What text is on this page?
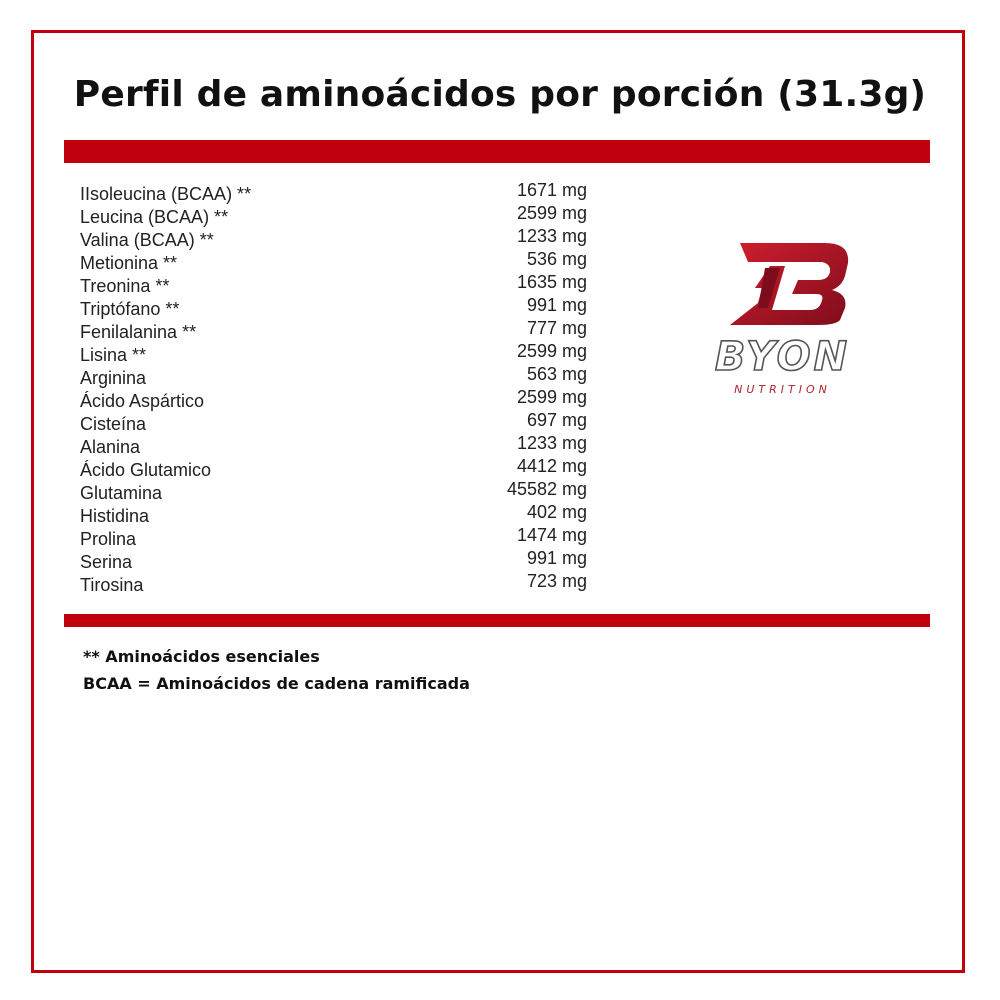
Perfil de aminoácidos por porción (31.3g)
IIsoleucina (BCAA) **	1671 mg
Leucina (BCAA) **	2599 mg
Valina (BCAA) **	1233 mg
Metionina **	536 mg
Treonina **	1635 mg
Triptófano **	991 mg
Fenilalanina **	777 mg
Lisina **	2599 mg
Arginina	563 mg
Ácido Aspártico	2599 mg
Cisteína	697 mg
Alanina	1233 mg
Ácido Glutamico	4412 mg
Glutamina	45582 mg
Histidina	402 mg
Prolina	1474 mg
Serina	991 mg
Tirosina	723 mg
BYON
NUTRITION
** Aminoácidos esenciales
BCAA = Aminoácidos de cadena ramificada
